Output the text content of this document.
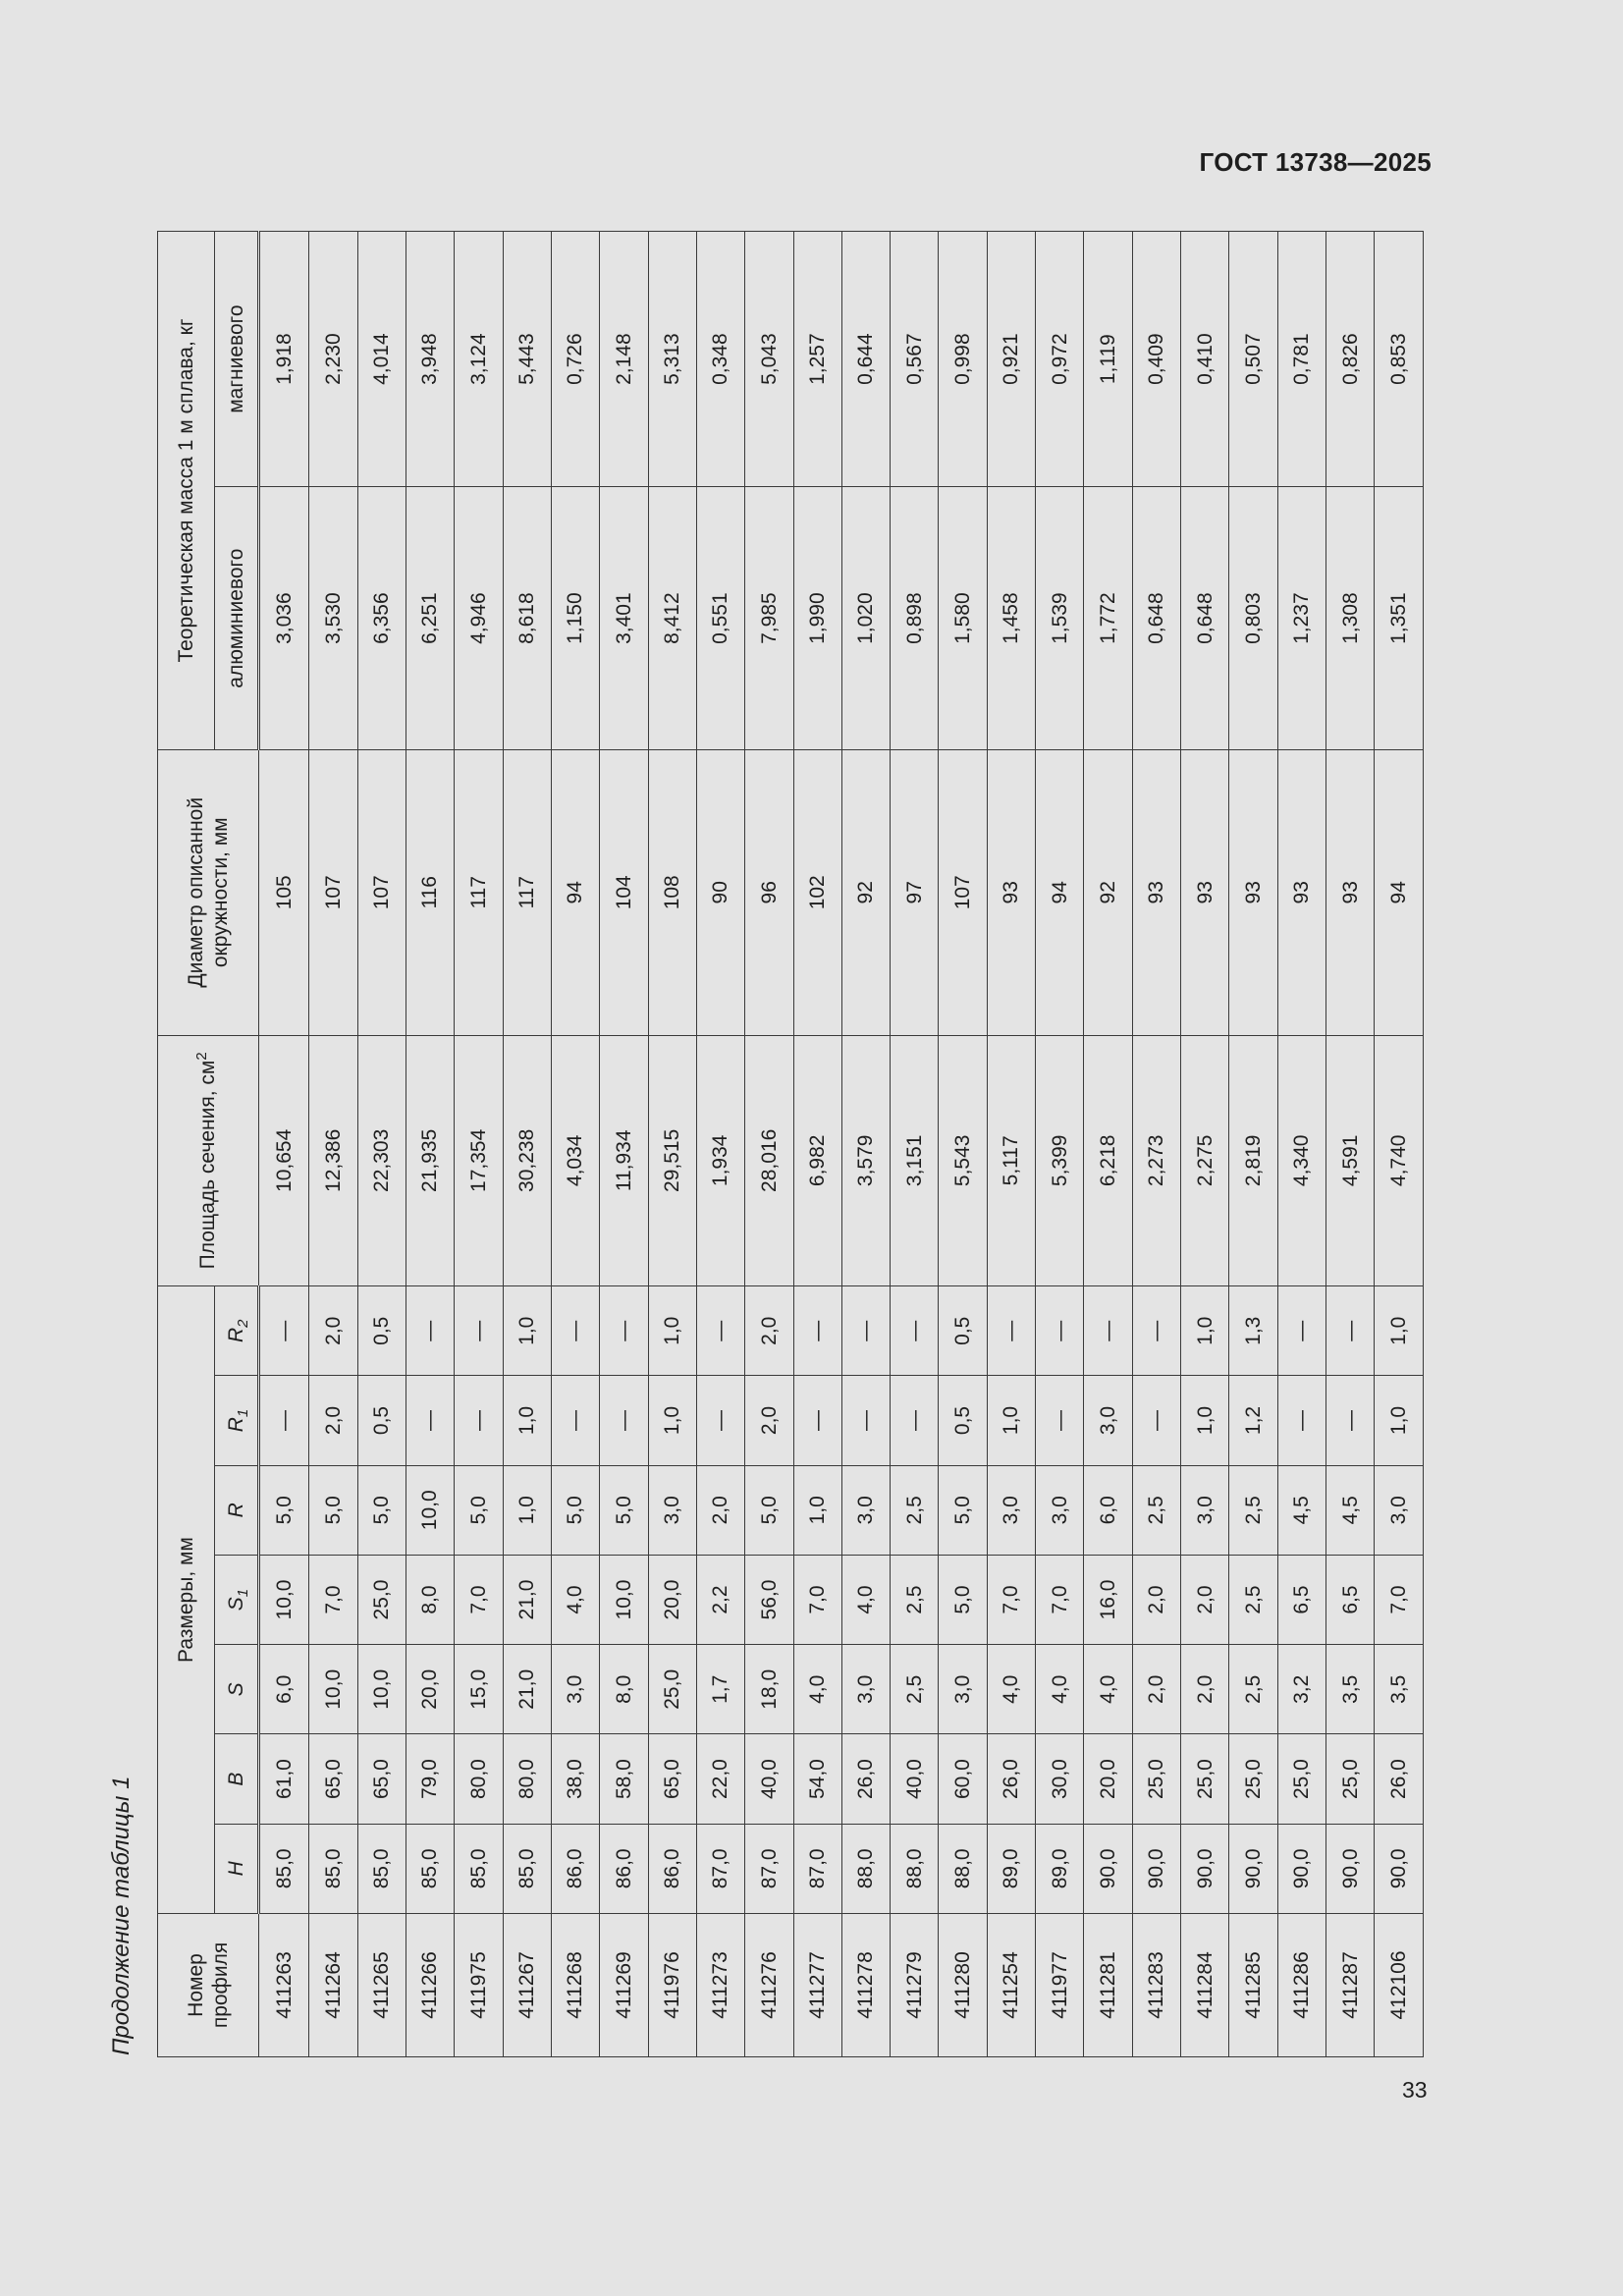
ГОСТ 13738—2025
Продолжение таблицы 1
33
Номер профиля	Размеры, мм							Площадь сечения, $см^2$	Диаметр описанной окружности, мм	Теоретическая масса 1 м сплава, кг	
	H	B	S	$S_1$	R	$R_1$	$R_2$			алюминиевого	магниевого
411263	85,0	61,0	6,0	10,0	5,0	—	—	10,654	105	3,036	1,918
411264	85,0	65,0	10,0	7,0	5,0	2,0	2,0	12,386	107	3,530	2,230
411265	85,0	65,0	10,0	25,0	5,0	0,5	0,5	22,303	107	6,356	4,014
411266	85,0	79,0	20,0	8,0	10,0	—	—	21,935	116	6,251	3,948
411975	85,0	80,0	15,0	7,0	5,0	—	—	17,354	117	4,946	3,124
411267	85,0	80,0	21,0	21,0	1,0	1,0	1,0	30,238	117	8,618	5,443
411268	86,0	38,0	3,0	4,0	5,0	—	—	4,034	94	1,150	0,726
411269	86,0	58,0	8,0	10,0	5,0	—	—	11,934	104	3,401	2,148
411976	86,0	65,0	25,0	20,0	3,0	1,0	1,0	29,515	108	8,412	5,313
411273	87,0	22,0	1,7	2,2	2,0	—	—	1,934	90	0,551	0,348
411276	87,0	40,0	18,0	56,0	5,0	2,0	2,0	28,016	96	7,985	5,043
411277	87,0	54,0	4,0	7,0	1,0	—	—	6,982	102	1,990	1,257
411278	88,0	26,0	3,0	4,0	3,0	—	—	3,579	92	1,020	0,644
411279	88,0	40,0	2,5	2,5	2,5	—	—	3,151	97	0,898	0,567
411280	88,0	60,0	3,0	5,0	5,0	0,5	0,5	5,543	107	1,580	0,998
411254	89,0	26,0	4,0	7,0	3,0	1,0	—	5,117	93	1,458	0,921
411977	89,0	30,0	4,0	7,0	3,0	—	—	5,399	94	1,539	0,972
411281	90,0	20,0	4,0	16,0	6,0	3,0	—	6,218	92	1,772	1,119
411283	90,0	25,0	2,0	2,0	2,5	—	—	2,273	93	0,648	0,409
411284	90,0	25,0	2,0	2,0	3,0	1,0	1,0	2,275	93	0,648	0,410
411285	90,0	25,0	2,5	2,5	2,5	1,2	1,3	2,819	93	0,803	0,507
411286	90,0	25,0	3,2	6,5	4,5	—	—	4,340	93	1,237	0,781
411287	90,0	25,0	3,5	6,5	4,5	—	—	4,591	93	1,308	0,826
412106	90,0	26,0	3,5	7,0	3,0	1,0	1,0	4,740	94	1,351	0,853
